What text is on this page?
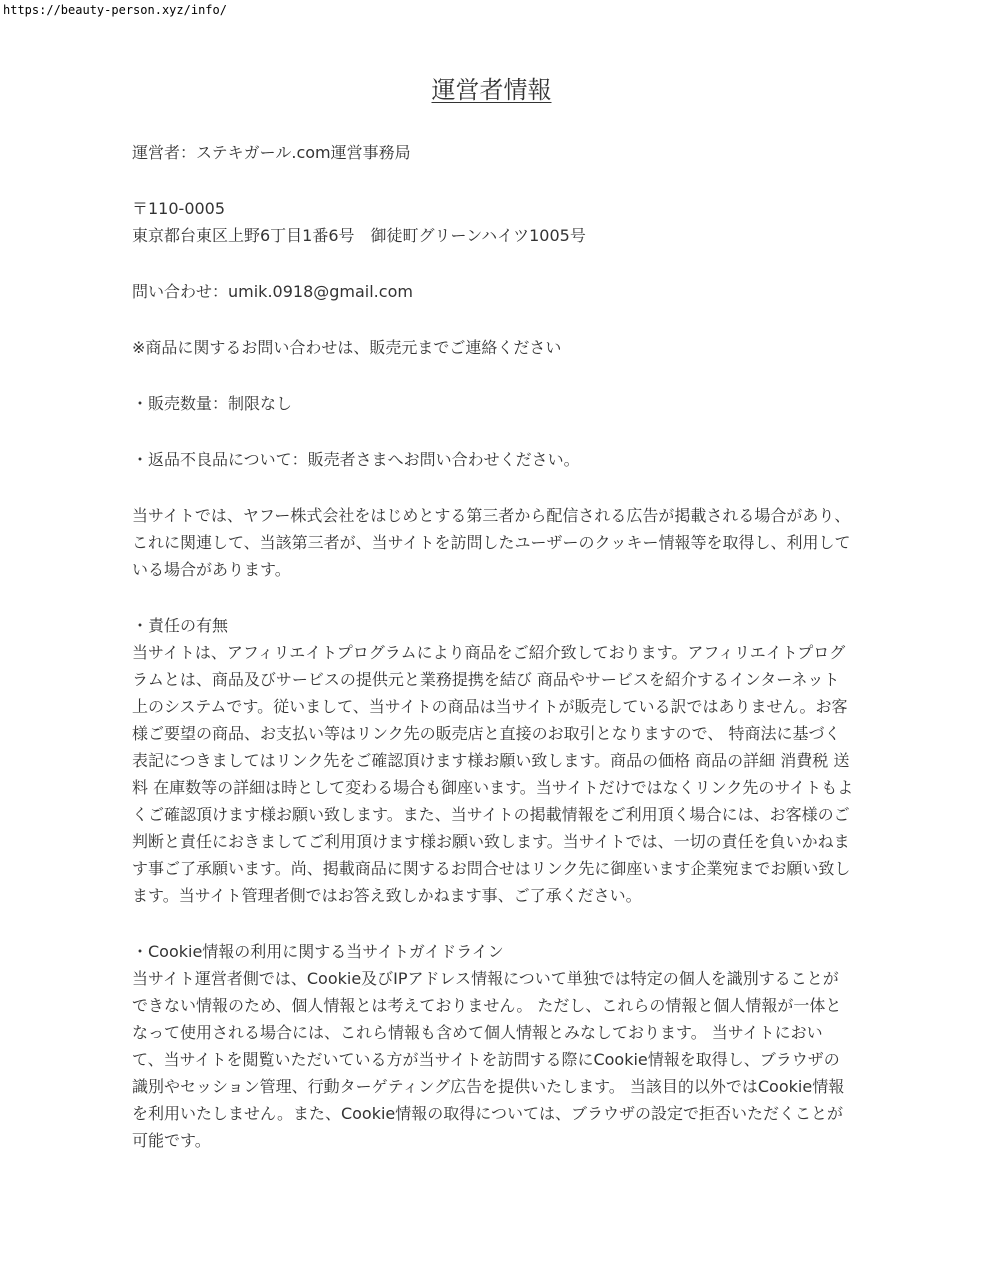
https://beauty-person.xyz/info/
運営者情報

運営者：ステキガール.com運営事務局

〒110-0005
東京都台東区上野6丁目1番6号　御徒町グリーンハイツ1005号

問い合わせ：umik.0918@gmail.com

※商品に関するお問い合わせは、販売元までご連絡ください

・販売数量：制限なし

・返品不良品について：販売者さまへお問い合わせください。

当サイトでは、ヤフー株式会社をはじめとする第三者から配信される広告が掲載される場合があり、これに関連して、当該第三者が、当サイトを訪問したユーザーのクッキー情報等を取得し、利用している場合があります。

・責任の有無
当サイトは、アフィリエイトプログラムにより商品をご紹介致しております。アフィリエイトプログラムとは、商品及びサービスの提供元と業務提携を結び 商品やサービスを紹介するインターネット上のシステムです。従いまして、当サイトの商品は当サイトが販売している訳ではありません。お客様ご要望の商品、お支払い等はリンク先の販売店と直接のお取引となりますので、 特商法に基づく表記につきましてはリンク先をご確認頂けます様お願い致します。商品の価格 商品の詳細 消費税 送料 在庫数等の詳細は時として変わる場合も御座います。当サイトだけではなくリンク先のサイトもよくご確認頂けます様お願い致します。また、当サイトの掲載情報をご利用頂く場合には、お客様のご判断と責任におきましてご利用頂けます様お願い致します。当サイトでは、一切の責任を負いかねます事ご了承願います。尚、掲載商品に関するお問合せはリンク先に御座います企業宛までお願い致します。当サイト管理者側ではお答え致しかねます事、ご了承ください。
・Cookie情報の利用に関する当サイトガイドライン
当サイト運営者側では、Cookie及びIPアドレス情報について単独では特定の個人を識別することができない情報のため、個人情報とは考えておりません。 ただし、これらの情報と個人情報が一体となって使用される場合には、これら情報も含めて個人情報とみなしております。 当サイトにおいて、当サイトを閲覧いただいている方が当サイトを訪問する際にCookie情報を取得し、ブラウザの識別やセッション管理、行動ターゲティング広告を提供いたします。 当該目的以外ではCookie情報を利用いたしません。また、Cookie情報の取得については、ブラウザの設定で拒否いただくことが可能です。
